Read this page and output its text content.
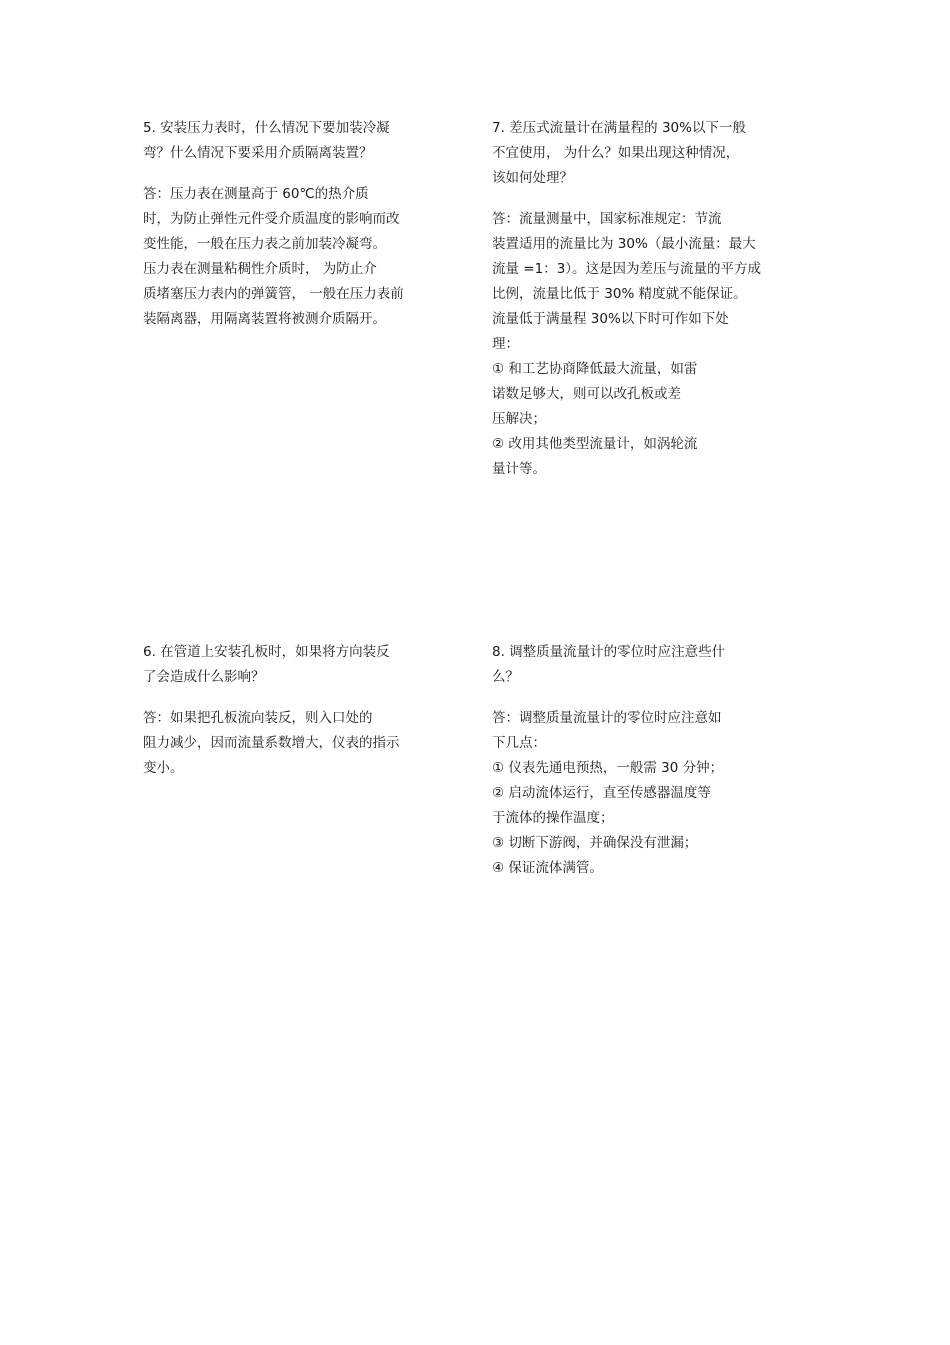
5. 安装压力表时，什么情况下要加装冷凝
弯？什么情况下要采用介质隔离装置？
答：压力表在测量高于 60℃的热介质
时，为防止弹性元件受介质温度的影响而改
变性能，一般在压力表之前加装冷凝弯。
压力表在测量粘稠性介质时， 为防止介
质堵塞压力表内的弹簧管， 一般在压力表前
装隔离器，用隔离装置将被测介质隔开。
7. 差压式流量计在满量程的 30%以下一般
不宜使用， 为什么？如果出现这种情况，
该如何处理？
答：流量测量中，国家标准规定：节流
装置适用的流量比为 30%（最小流量：最大
流量 =1：3）。这是因为差压与流量的平方成
比例，流量比低于 30% 精度就不能保证。
流量低于满量程 30%以下时可作如下处
理：
① 和工艺协商降低最大流量，如雷
诺数足够大，则可以改孔板或差
压解决；
② 改用其他类型流量计，如涡轮流
量计等。
6. 在管道上安装孔板时，如果将方向装反
了会造成什么影响？
答：如果把孔板流向装反，则入口处的
阻力减少，因而流量系数增大，仪表的指示
变小。
8. 调整质量流量计的零位时应注意些什
么？
答：调整质量流量计的零位时应注意如
下几点：
① 仪表先通电预热，一般需 30 分钟；
② 启动流体运行，直至传感器温度等
于流体的操作温度；
③ 切断下游阀，并确保没有泄漏；
④ 保证流体满管。
